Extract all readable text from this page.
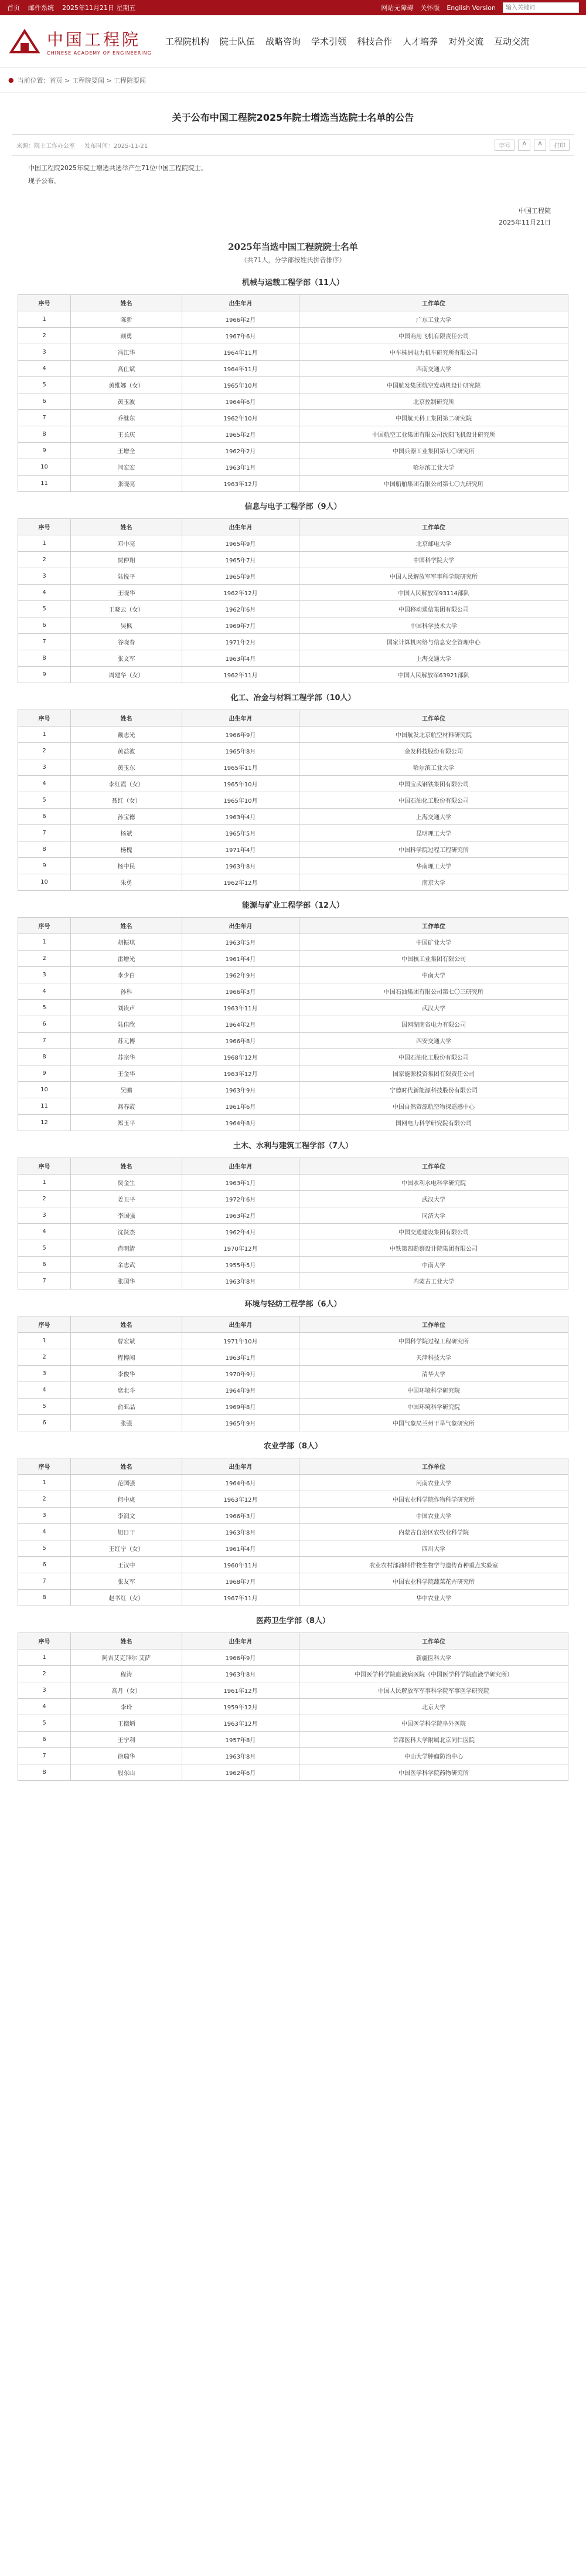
首页 邮件系统 2025年11月21日 星期五	网站无障碍 关怀版 English Version
输入关键词
中国工程院
CHINESE ACADEMY OF ENGINEERING
工程院机构 院士队伍 战略咨询 学术引领 科技合作 人才培养 对外交流 互动交流
● 当前位置：首页 > 工程院要闻 > 工程院要闻
关于公布中国工程院2025年院士增选当选院士名单的公告
来源：院士工作办公室 发布时间：2025-11-21	字号	A	A	打印

中国工程院2025年院士增选共选举产生71位中国工程院院士。

现予公布。

中国工程院
2025年11月21日
2025年当选中国工程院院士名单
（共71人，分学部按姓氏拼音排序）
机械与运载工程学部（11人）
序号	姓名	出生年月	工作单位
1	陈新	1966年2月	广东工业大学
2	顾勇	1967年6月	中国商用飞机有限责任公司
3	冯江华	1964年11月	中车株洲电力机车研究所有限公司
4	高仕斌	1964年11月	西南交通大学
5	黄维娜（女）	1965年10月	中国航发集团航空发动机设计研究院
6	黄玉波	1964年6月	北京控制研究所
7	乔继东	1962年10月	中国航天科工集团第二研究院
8	王长庆	1965年2月	中国航空工业集团有限公司沈阳飞机设计研究所
9	王增全	1962年2月	中国兵器工业集团第七〇研究所
10	闫宏宏	1963年1月	哈尔滨工业大学
11	张晓亮	1963年12月	中国船舶集团有限公司第七〇九研究所
信息与电子工程学部（9人）
序号	姓名	出生年月	工作单位
1	邓中亮	1965年9月	北京邮电大学
2	贾仲翔	1965年7月	中国科学院大学
3	陆悦平	1965年9月	中国人民解放军军事科学院研究所
4	王晓华	1962年12月	中国人民解放军93114部队
5	王晓云（女）	1962年6月	中国移动通信集团有限公司
6	吴枫	1969年7月	中国科学技术大学
7	谷晓春	1971年2月	国家计算机网络与信息安全管理中心
8	张文军	1963年4月	上海交通大学
9	周建华（女）	1962年11月	中国人民解放军63921部队
化工、冶金与材料工程学部（10人）
序号	姓名	出生年月	工作单位
1	戴志光	1966年9月	中国航发北京航空材料研究院
2	黄益波	1965年8月	金发科技股份有限公司
3	黄玉东	1965年11月	哈尔滨工业大学
4	李红霞（女）	1965年10月	中国宝武钢铁集团有限公司
5	聂红（女）	1965年10月	中国石油化工股份有限公司
6	孙宝德	1963年4月	上海交通大学
7	杨斌	1965年5月	昆明理工大学
8	杨槐	1971年4月	中国科学院过程工程研究所
9	杨中民	1963年8月	华南理工大学
10	朱勇	1962年12月	南京大学
能源与矿业工程学部（12人）
序号	姓名	出生年月	工作单位
1	胡振琪	1963年5月	中国矿业大学
2	雷增光	1961年4月	中国核工业集团有限公司
3	李少白	1962年9月	中南大学
4	孙科	1966年3月	中国石油集团有限公司第七〇三研究所
5	刘贵声	1963年11月	武汉大学
6	陆佳欣	1964年2月	国网湖南省电力有限公司
7	苏元博	1966年8月	西安交通大学
8	苏宗华	1968年12月	中国石油化工股份有限公司
9	王金华	1963年12月	国家能源投资集团有限责任公司
10	吴鹏	1963年9月	宁德时代新能源科技股份有限公司
11	燕春霞	1961年6月	中国自然资源航空物探遥感中心
12	郑玉平	1964年8月	国网电力科学研究院有限公司
土木、水利与建筑工程学部（7人）
序号	姓名	出生年月	工作单位
1	贾金生	1963年1月	中国水利水电科学研究院
2	姜卫平	1972年6月	武汉大学
3	李国强	1963年2月	同济大学
4	沈贤杰	1962年4月	中国交通建设集团有限公司
5	肖明清	1970年12月	中铁第四勘察设计院集团有限公司
6	余志武	1955年5月	中南大学
7	张国华	1963年8月	内蒙古工业大学
环境与轻纺工程学部（6人）
序号	姓名	出生年月	工作单位
1	曹宏斌	1971年10月	中国科学院过程工程研究所
2	程博闻	1963年1月	天津科技大学
3	李俊华	1970年9月	清华大学
4	席北斗	1964年9月	中国环境科学研究院
5	俞亚晶	1969年8月	中国环境科学研究院
6	张强	1965年9月	中国气象局兰州干旱气象研究所
农业学部（8人）
序号	姓名	出生年月	工作单位
1	范国强	1964年6月	河南农业大学
2	何中虎	1963年12月	中国农业科学院作物科学研究所
3	李润文	1966年3月	中国农业大学
4	旭日干	1963年8月	内蒙古自治区农牧业科学院
5	王红宁（女）	1961年4月	四川大学
6	王汉中	1960年11月	农业农村部油料作物生物学与遗传育种重点实验室
7	张友军	1968年7月	中国农业科学院蔬菜花卉研究所
8	赵书红（女）	1967年11月	华中农业大学
医药卫生学部（8人）
序号	姓名	出生年月	工作单位
1	阿吉艾克拜尔·艾萨	1966年9月	新疆医科大学
2	程涛	1963年8月	中国医学科学院血液病医院（中国医学科学院血液学研究所）
3	高月（女）	1961年12月	中国人民解放军军事科学院军事医学研究院
4	李玲	1959年12月	北京大学
5	王德炳	1963年12月	中国医学科学院阜外医院
6	王宁利	1957年8月	首都医科大学附属北京同仁医院
7	徐瑞华	1963年8月	中山大学肿瘤防治中心
8	殷东山	1962年6月	中国医学科学院药物研究所
